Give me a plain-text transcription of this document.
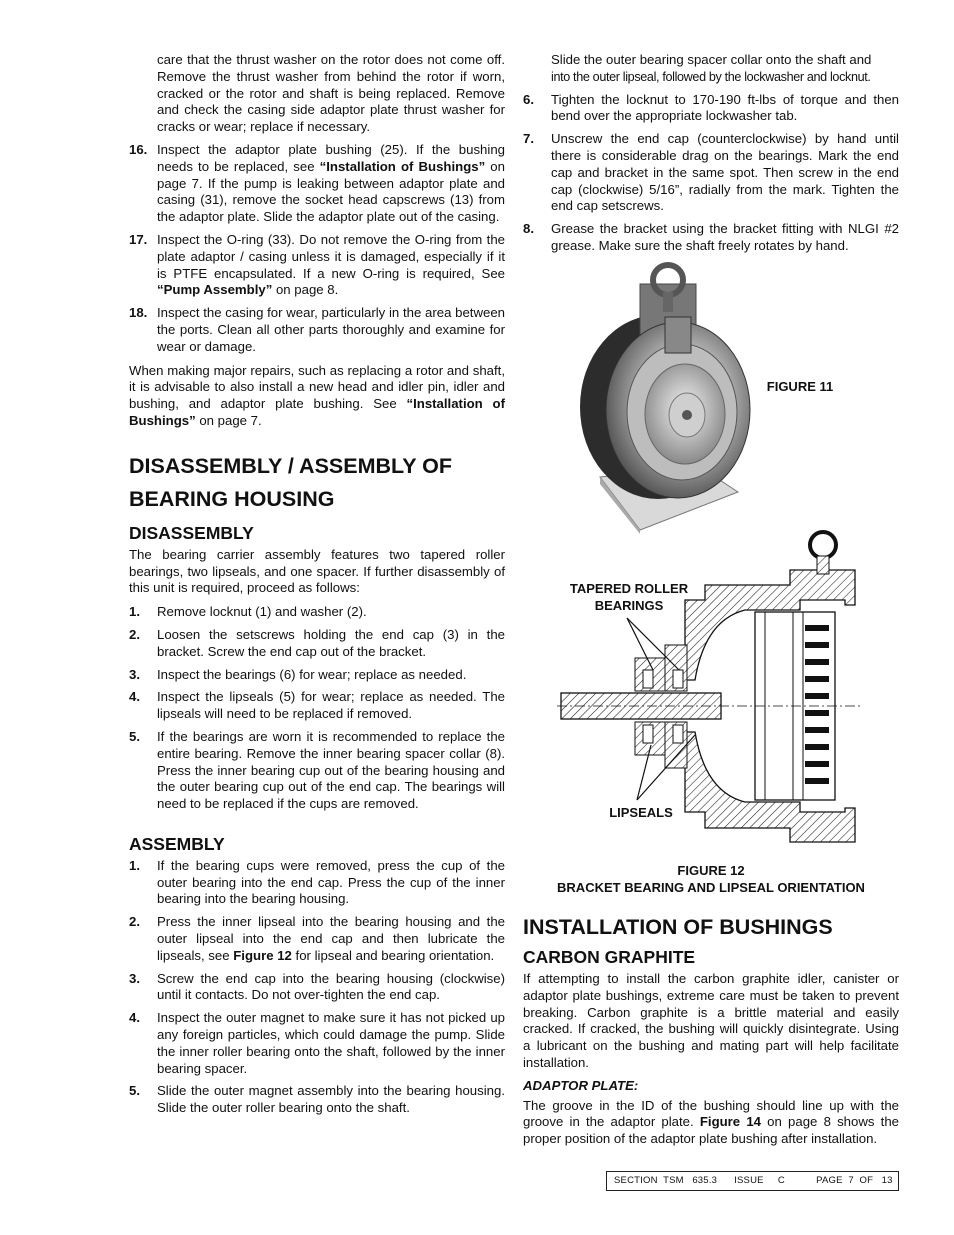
care that the thrust washer on the rotor does not come off. Remove the thrust washer from behind the rotor if worn, cracked or the rotor and shaft is being replaced. Remove and check the casing side adaptor plate thrust washer for cracks or wear; replace if necessary.

16. Inspect the adaptor plate bushing (25). If the bushing needs to be replaced, see “Installation of Bushings” on page 7. If the pump is leaking between adaptor plate and casing (31), remove the socket head capscrews (13) from the adaptor plate. Slide the adaptor plate out of the casing.
17. Inspect the O-ring (33). Do not remove the O-ring from the plate adaptor / casing unless it is damaged, especially if it is PTFE encapsulated. If a new O-ring is required, See “Pump Assembly” on page 8.
18. Inspect the casing for wear, particularly in the area between the ports. Clean all other parts thoroughly and examine for wear or damage.

When making major repairs, such as replacing a rotor and shaft, it is advisable to also install a new head and idler pin, idler and bushing, and adaptor plate bushing. See “Installation of Bushings” on page 7.

DISASSEMBLY / ASSEMBLY OF
BEARING HOUSING
DISASSEMBLY

The bearing carrier assembly features two tapered roller bearings, two lipseals, and one spacer. If further disassembly of this unit is required, proceed as follows:

1. Remove locknut (1) and washer (2).
2. Loosen the setscrews holding the end cap (3) in the bracket. Screw the end cap out of the bracket.
3. Inspect the bearings (6) for wear; replace as needed.
4. Inspect the lipseals (5) for wear; replace as needed. The lipseals will need to be replaced if removed.
5. If the bearings are worn it is recommended to replace the entire bearing. Remove the inner bearing spacer collar (8). Press the inner bearing cup out of the bearing housing and the outer bearing cup out of the end cap. The bearings will need to be replaced if the cups are removed.
ASSEMBLY
1. If the bearing cups were removed, press the cup of the outer bearing into the end cap. Press the cup of the inner bearing into the bearing housing.
2. Press the inner lipseal into the bearing housing and the outer lipseal into the end cap and then lubricate the lipseals, see Figure 12 for lipseal and bearing orientation.
3. Screw the end cap into the bearing housing (clockwise) until it contacts. Do not over-tighten the end cap.
4. Inspect the outer magnet to make sure it has not picked up any foreign particles, which could damage the pump. Slide the inner roller bearing onto the shaft, followed by the inner bearing spacer.
5. Slide the outer magnet assembly into the bearing housing. Slide the outer roller bearing onto the shaft.

Slide the outer bearing spacer collar onto the shaft and

into the outer lipseal, followed by the lockwasher and locknut.

6. Tighten the locknut to 170-190 ft-lbs of torque and then bend over the appropriate lockwasher tab.
7. Unscrew the end cap (counterclockwise) by hand until there is considerable drag on the bearings. Mark the end cap and bracket in the same spot. Then screw in the end cap (clockwise) 5/16”, radially from the mark. Tighten the end cap setscrews.
8. Grease the bracket using the bracket fitting with NLGI #2 grease. Make sure the shaft freely rotates by hand.
FIGURE 11
TAPERED ROLLER
BEARINGS
LIPSEALS
FIGURE 12
BRACKET BEARING AND LIPSEAL ORIENTATION
INSTALLATION OF BUSHINGS
CARBON GRAPHITE

If attempting to install the carbon graphite idler, canister or adaptor plate bushings, extreme care must be taken to prevent breaking. Carbon graphite is a brittle material and easily cracked. If cracked, the bushing will quickly disintegrate. Using a lubricant on the bushing and mating part will help facilitate installation.

ADAPTOR PLATE:

The groove in the ID of the bushing should line up with the groove in the adaptor plate. Figure 14 on page 8 shows the proper position of the adaptor plate bushing after installation.

SECTION  TSM 635.3 ISSUE C	PAGE 7 OF 13
